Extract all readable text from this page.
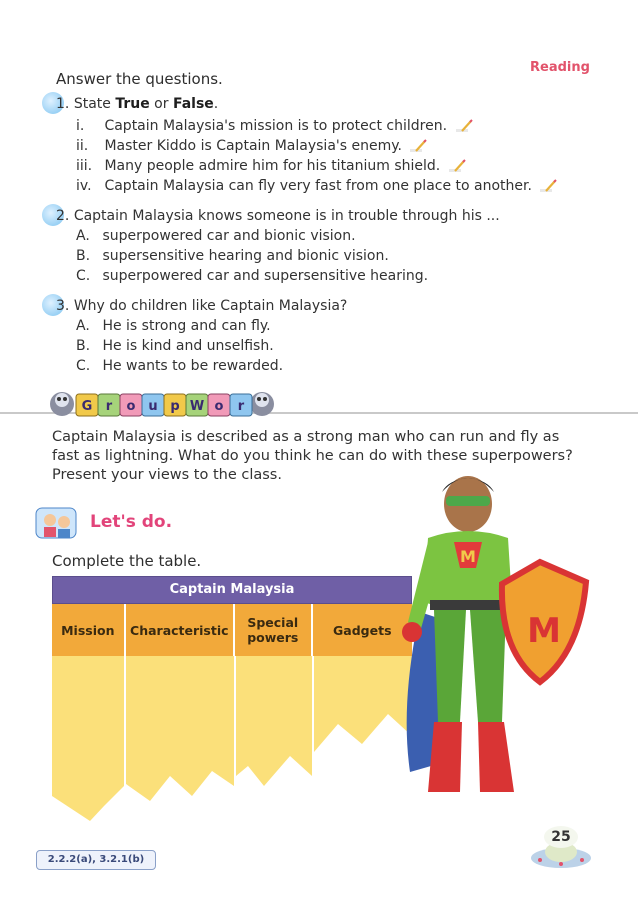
Reading
Answer the questions.
1. State True or False.
i. Captain Malaysia's mission is to protect children.
ii. Master Kiddo is Captain Malaysia's enemy.
iii. Many people admire him for his titanium shield.
iv. Captain Malaysia can fly very fast from one place to another.
2. Captain Malaysia knows someone is in trouble through his ...
A. superpowered car and bionic vision.
B. supersensitive hearing and bionic vision.
C. superpowered car and supersensitive hearing.
3. Why do children like Captain Malaysia?
A. He is strong and can fly.
B. He is kind and unselfish.
C. He wants to be rewarded.
G r o u p W o r
k
Captain Malaysia is described as a strong man who can run and fly as
fast as lightning. What do you think he can do with these superpowers?
Present your views to the class.
Let's do.
Complete the table.
Captain Malaysia
Mission	Characteristic	Special powers	Gadgets
M
M
2.2.2(a), 3.2.1(b)
25
